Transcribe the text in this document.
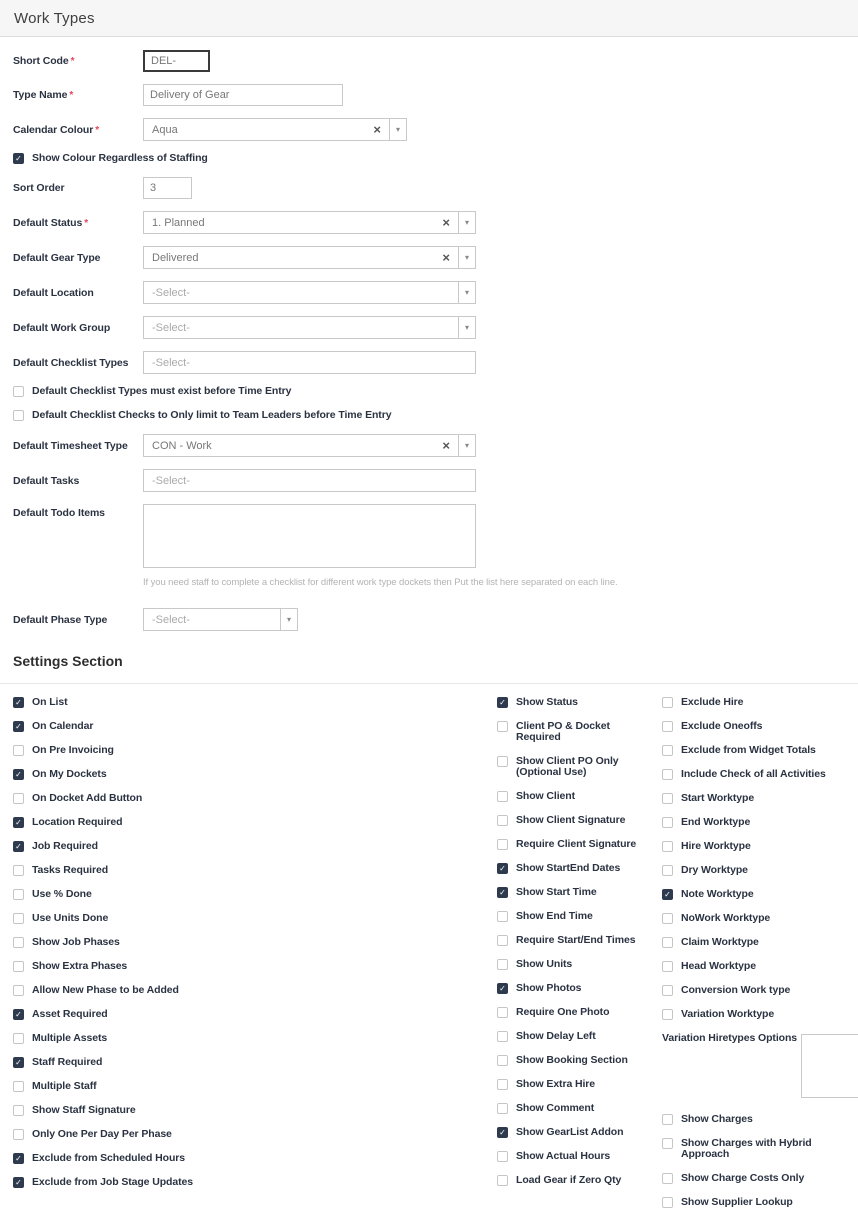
Work Types
Short Code *
DEL-
Type Name *
Delivery of Gear
Calendar Colour *	Aqua	×	▾
✓ Show Colour Regardless of Staffing
Sort Order
3
Default Status *	1. Planned	×	▾
Default Gear Type	Delivered	×	▾
Default Location	-Select-	▾
Default Work Group	-Select-	▾
Default Checklist Types	-Select-
Default Checklist Types must exist before Time Entry
Default Checklist Checks to Only limit to Team Leaders before Time Entry
Default Timesheet Type	CON - Work	×	▾
Default Tasks	-Select-
Default Todo Items
If you need staff to complete a checklist for different work type dockets then Put the list here separated on each line.
Default Phase Type	-Select-	▾
Settings Section
✓ On List
✓ On Calendar
On Pre Invoicing
✓ On My Dockets
On Docket Add Button
✓ Location Required
✓ Job Required
Tasks Required
Use % Done
Use Units Done
Show Job Phases
Show Extra Phases
Allow New Phase to be Added
✓ Asset Required
Multiple Assets
✓ Staff Required
Multiple Staff
Show Staff Signature
Only One Per Day Per Phase
✓ Exclude from Scheduled Hours
✓ Exclude from Job Stage Updates
✓ Show Status
Client PO & Docket Required
Show Client PO Only (Optional Use)
Show Client
Show Client Signature
Require Client Signature
✓ Show StartEnd Dates
✓ Show Start Time
Show End Time
Require Start/End Times
Show Units
✓ Show Photos
Require One Photo
Show Delay Left
Show Booking Section
Show Extra Hire
Show Comment
✓ Show GearList Addon
Show Actual Hours
Load Gear if Zero Qty
Exclude Hire
Exclude Oneoffs
Exclude from Widget Totals
Include Check of all Activities
Start Worktype
End Worktype
Hire Worktype
Dry Worktype
✓ Note Worktype
NoWork Worktype
Claim Worktype
Head Worktype
Conversion Work type
Variation Worktype
Variation Hiretypes Options
Show Charges
Show Charges with Hybrid Approach
Show Charge Costs Only
Show Supplier Lookup
